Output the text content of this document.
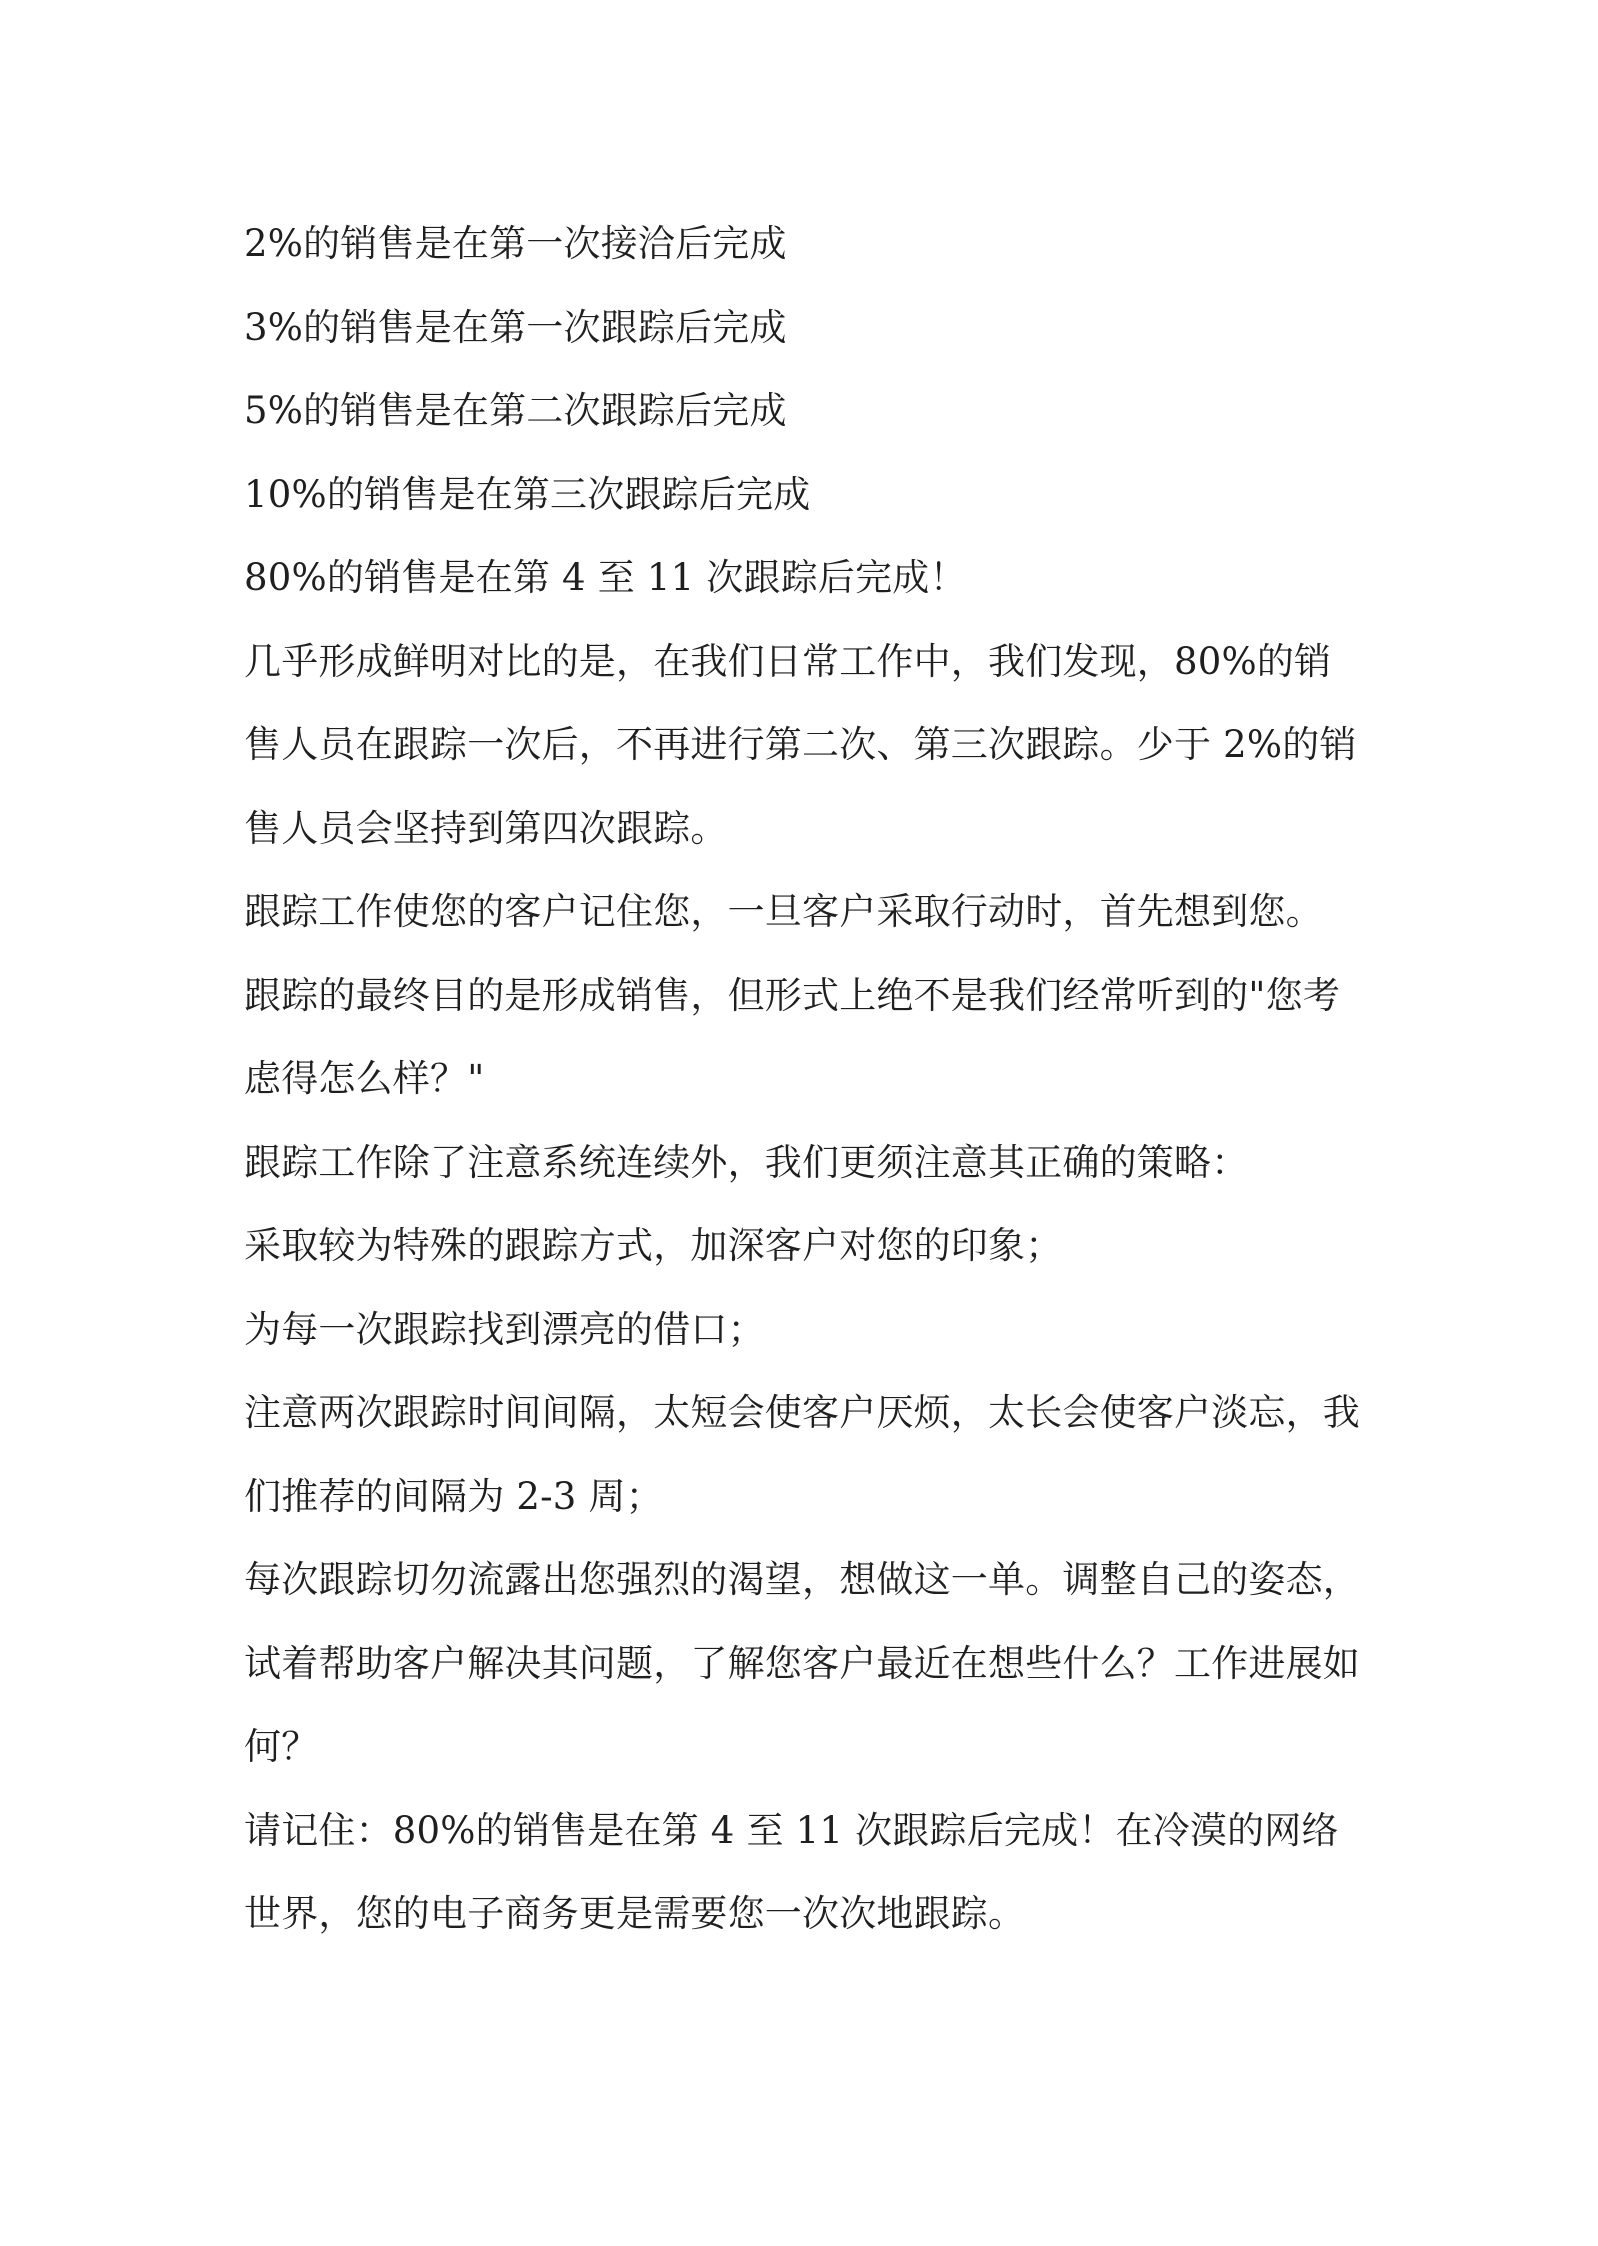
2%的销售是在第一次接洽后完成

3%的销售是在第一次跟踪后完成

5%的销售是在第二次跟踪后完成

10%的销售是在第三次跟踪后完成

80%的销售是在第 4 至 11 次跟踪后完成！

几乎形成鲜明对比的是，在我们日常工作中，我们发现，80%的销售人员在跟踪一次后，不再进行第二次、第三次跟踪。少于 2%的销售人员会坚持到第四次跟踪。

跟踪工作使您的客户记住您，一旦客户采取行动时，首先想到您。

跟踪的最终目的是形成销售，但形式上绝不是我们经常听到的"您考虑得怎么样？"

跟踪工作除了注意系统连续外，我们更须注意其正确的策略：

采取较为特殊的跟踪方式，加深客户对您的印象；

为每一次跟踪找到漂亮的借口；

注意两次跟踪时间间隔，太短会使客户厌烦，太长会使客户淡忘，我们推荐的间隔为 2-3 周；

每次跟踪切勿流露出您强烈的渴望，想做这一单。调整自己的姿态，试着帮助客户解决其问题，了解您客户最近在想些什么？工作进展如何？

请记住：80%的销售是在第 4 至 11 次跟踪后完成！在冷漠的网络世界，您的电子商务更是需要您一次次地跟踪。
